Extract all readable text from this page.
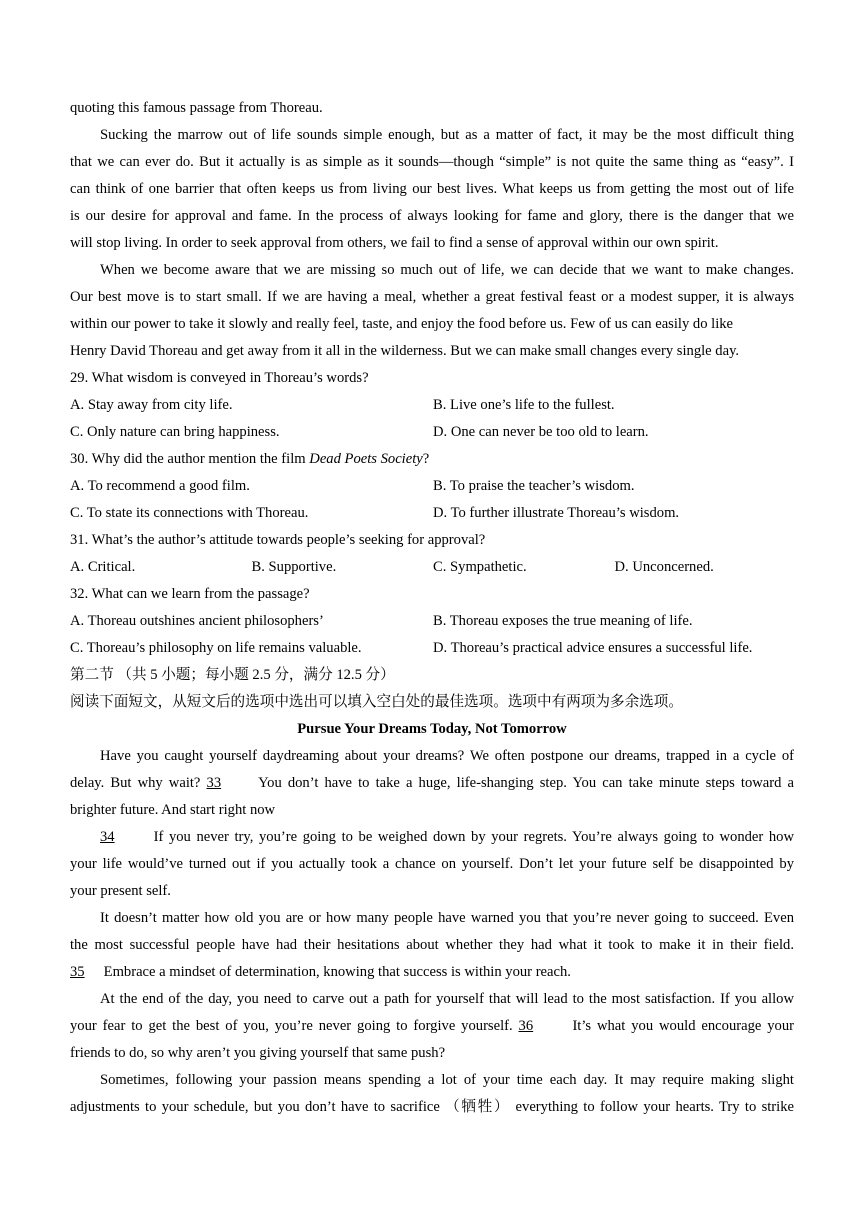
quoting this famous passage from Thoreau.
Sucking the marrow out of life sounds simple enough, but as a matter of fact, it may be the most difficult thing
that we can ever do. But it actually is as simple as it sounds—though “simple” is not quite the same thing as “easy”. I
can think of one barrier that often keeps us from living our best lives. What keeps us from getting the most out of life
is our desire for approval and fame. In the process of always looking for fame and glory, there is the danger that we
will stop living. In order to seek approval from others, we fail to find a sense of approval within our own spirit.
When we become aware that we are missing so much out of life, we can decide that we want to make changes.
Our best move is to start small. If we are having a meal, whether a great festival feast or a modest supper, it is always
within our power to take it slowly and really feel, taste, and enjoy the food before us. Few of us can easily do like
Henry David Thoreau and get away from it all in the wilderness. But we can make small changes every single day.
29. What wisdom is conveyed in Thoreau’s words?
A. Stay away from city life.	B. Live one’s life to the fullest.
C. Only nature can bring happiness.	D. One can never be too old to learn.
30. Why did the author mention the film Dead Poets Society?
A. To recommend a good film.	B. To praise the teacher’s wisdom.
C. To state its connections with Thoreau.	D. To further illustrate Thoreau’s wisdom.
31. What’s the author’s attitude towards people’s seeking for approval?
A. Critical.	B. Supportive.	C. Sympathetic.	D. Unconcerned.
32. What can we learn from the passage?
A. Thoreau outshines ancient philosophers’	B. Thoreau exposes the true meaning of life.
C. Thoreau’s philosophy on life remains valuable.	D. Thoreau’s practical advice ensures a successful life.
第二节 （共 5 小题；每小题 2.5 分，满分 12.5 分）
阅读下面短文，从短文后的选项中选出可以填入空白处的最佳选项。选项中有两项为多余选项。
Pursue Your Dreams Today, Not Tomorrow
Have you caught yourself daydreaming about your dreams? We often postpone our dreams, trapped in a cycle of
delay. But why wait? 33 You don’t have to take a huge, life-shanging step. You can take minute steps toward a
brighter future. And start right now
34 If you never try, you’re going to be weighed down by your regrets. You’re always going to wonder how
your life would’ve turned out if you actually took a chance on yourself. Don’t let your future self be disappointed by
your present self.
It doesn’t matter how old you are or how many people have warned you that you’re never going to succeed. Even
the most successful people have had their hesitations about whether they had what it took to make it in their field.
35 Embrace a mindset of determination, knowing that success is within your reach.
At the end of the day, you need to carve out a path for yourself that will lead to the most satisfaction. If you allow
your fear to get the best of you, you’re never going to forgive yourself. 36 It’s what you would encourage your
friends to do, so why aren’t you giving yourself that same push?
Sometimes, following your passion means spending a lot of your time each day. It may require making slight
adjustments to your schedule, but you don’t have to sacrifice （牺牲） everything to follow your hearts. Try to strike
